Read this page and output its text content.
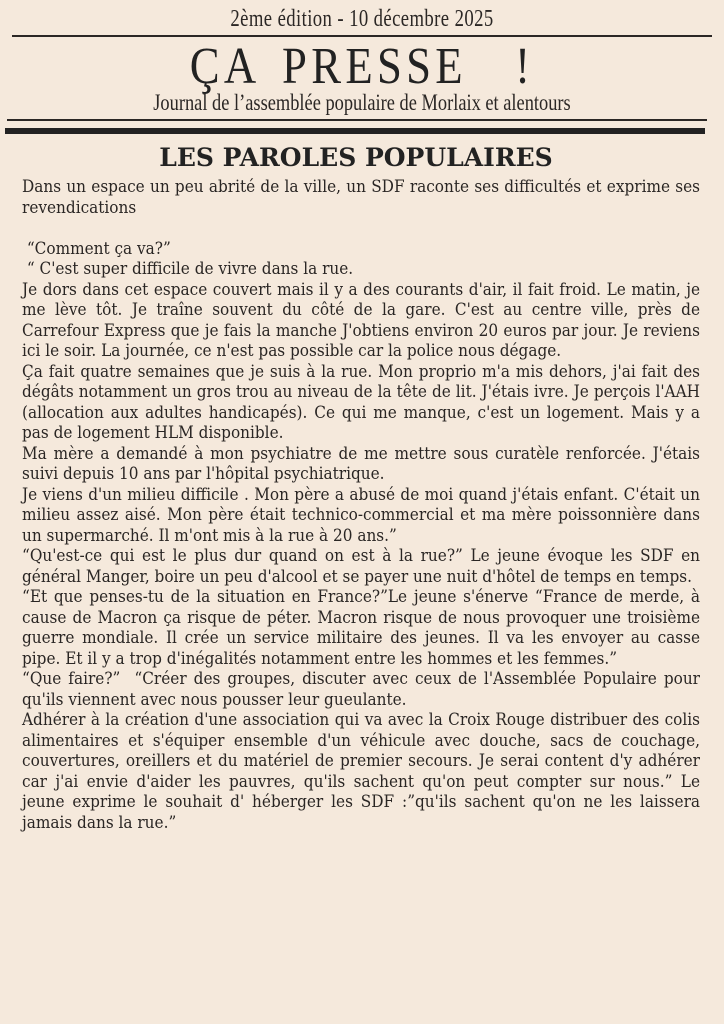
2ème édition - 10 décembre 2025
ÇA PRESSE  !
Journal de l’assemblée populaire de Morlaix et alentours
LES PAROLES POPULAIRES

Dans un espace un peu abrité de la ville, un SDF raconte ses difficultés et exprime ses revendications

“Comment ça va?”

“ C'est super difficile de vivre dans la rue.

Je dors dans cet espace couvert mais il y a des courants d'air, il fait froid. Le matin, je me lève tôt. Je traîne souvent du côté de la gare. C'est au centre ville, près de Carrefour Express que je fais la manche J'obtiens environ 20 euros par jour. Je reviens ici le soir. La journée, ce n'est pas possible car la police nous dégage.

Ça fait quatre semaines que je suis à la rue. Mon proprio m'a mis dehors, j'ai fait des dégâts notamment un gros trou au niveau de la tête de lit. J'étais ivre. Je perçois l'AAH (allocation aux adultes handicapés). Ce qui me manque, c'est un logement. Mais y a pas de logement HLM disponible.

Ma mère a demandé à mon psychiatre de me mettre sous curatèle renforcée. J'étais suivi depuis 10 ans par l'hôpital psychiatrique.

Je viens d'un milieu difficile . Mon père a abusé de moi quand j'étais enfant. C'était un milieu assez aisé. Mon père était technico-commercial et ma mère poissonnière dans un supermarché. Il m'ont mis à la rue à 20 ans.”

“Qu'est-ce qui est le plus dur quand on est à la rue?” Le jeune évoque les SDF en général Manger, boire un peu d'alcool et se payer une nuit d'hôtel de temps en temps.

“Et que penses-tu de la situation en France?”Le jeune s'énerve “France de merde, à cause de Macron ça risque de péter. Macron risque de nous provoquer une troisième guerre mondiale. Il crée un service militaire des jeunes. Il va les envoyer au casse pipe. Et il y a trop d'inégalités notamment entre les hommes et les femmes.”

“Que faire?”  “Créer des groupes, discuter avec ceux de l'Assemblée Populaire pour qu'ils viennent avec nous pousser leur gueulante.

Adhérer à la création d'une association qui va avec la Croix Rouge distribuer des colis alimentaires et s'équiper ensemble d'un véhicule avec douche, sacs de couchage, couvertures, oreillers et du matériel de premier secours. Je serai content d'y adhérer car j'ai envie d'aider les pauvres, qu'ils sachent qu'on peut compter sur nous.” Le jeune exprime le souhait d' héberger les SDF :”qu'ils sachent qu'on ne les laissera jamais dans la rue.”
